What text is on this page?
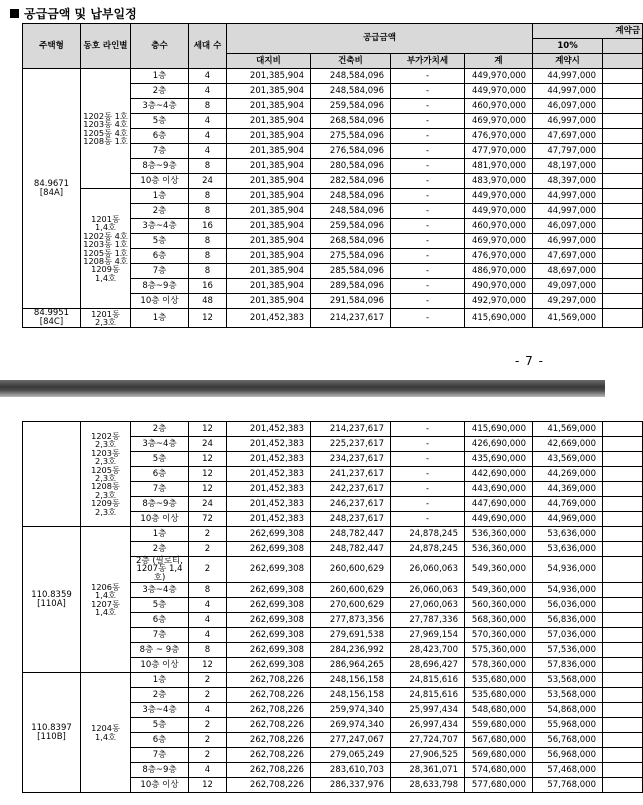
공급금액 및 납부일정
주택형	동호 라인별	층수	세대 수	공급금액				계약금	
								10%	
				대지비	건축비	부가가치세	계	계약시	
84.9671 [84A]	1202동 1호 1203동 4호 1205동 4호 1208동 1호	1층	4	201,385,904	248,584,096	-	449,970,000	44,997,000	
		2층	4	201,385,904	248,584,096	-	449,970,000	44,997,000	
		3층~4층	8	201,385,904	259,584,096	-	460,970,000	46,097,000	
		5층	4	201,385,904	268,584,096	-	469,970,000	46,997,000	
		6층	4	201,385,904	275,584,096	-	476,970,000	47,697,000	
		7층	4	201,385,904	276,584,096	-	477,970,000	47,797,000	
		8층~9층	8	201,385,904	280,584,096	-	481,970,000	48,197,000	
		10층 이상	24	201,385,904	282,584,096	-	483,970,000	48,397,000	
	1201동 1,4호 1202동 4호 1203동 1호 1205동 1호 1208동 4호 1209동 1,4호	1층	8	201,385,904	248,584,096	-	449,970,000	44,997,000	
		2층	8	201,385,904	248,584,096	-	449,970,000	44,997,000	
		3층~4층	16	201,385,904	259,584,096	-	460,970,000	46,097,000	
		5층	8	201,385,904	268,584,096	-	469,970,000	46,997,000	
		6층	8	201,385,904	275,584,096	-	476,970,000	47,697,000	
		7층	8	201,385,904	285,584,096	-	486,970,000	48,697,000	
		8층~9층	16	201,385,904	289,584,096	-	490,970,000	49,097,000	
		10층 이상	48	201,385,904	291,584,096	-	492,970,000	49,297,000	
84.9951 [84C]	1201동 2,3호	1층	12	201,452,383	214,237,617	-	415,690,000	41,569,000	
- 7 -
	1202동 2,3호 1203동 2,3호 1205동 2,3호 1208동 2,3호 1209동 2,3호	2층	12	201,452,383	214,237,617	-	415,690,000	41,569,000	
		3층~4층	24	201,452,383	225,237,617	-	426,690,000	42,669,000	
		5층	12	201,452,383	234,237,617	-	435,690,000	43,569,000	
		6층	12	201,452,383	241,237,617	-	442,690,000	44,269,000	
		7층	12	201,452,383	242,237,617	-	443,690,000	44,369,000	
		8층~9층	24	201,452,383	246,237,617	-	447,690,000	44,769,000	
		10층 이상	72	201,452,383	248,237,617	-	449,690,000	44,969,000	
110.8359 [110A]	1206동 1,4호 1207동 1,4호	1층	2	262,699,308	248,782,447	24,878,245	536,360,000	53,636,000	
		2층	2	262,699,308	248,782,447	24,878,245	536,360,000	53,636,000	
		2층 (필로티, 1207동 1,4호)	2	262,699,308	260,600,629	26,060,063	549,360,000	54,936,000	
		3층~4층	8	262,699,308	260,600,629	26,060,063	549,360,000	54,936,000	
		5층	4	262,699,308	270,600,629	27,060,063	560,360,000	56,036,000	
		6층	4	262,699,308	277,873,356	27,787,336	568,360,000	56,836,000	
		7층	4	262,699,308	279,691,538	27,969,154	570,360,000	57,036,000	
		8층 ~ 9층	8	262,699,308	284,236,992	28,423,700	575,360,000	57,536,000	
		10층 이상	12	262,699,308	286,964,265	28,696,427	578,360,000	57,836,000	
110.8397 [110B]	1204동 1,4호	1층	2	262,708,226	248,156,158	24,815,616	535,680,000	53,568,000	
		2층	2	262,708,226	248,156,158	24,815,616	535,680,000	53,568,000	
		3층~4층	4	262,708,226	259,974,340	25,997,434	548,680,000	54,868,000	
		5층	2	262,708,226	269,974,340	26,997,434	559,680,000	55,968,000	
		6층	2	262,708,226	277,247,067	27,724,707	567,680,000	56,768,000	
		7층	2	262,708,226	279,065,249	27,906,525	569,680,000	56,968,000	
		8층~9층	4	262,708,226	283,610,703	28,361,071	574,680,000	57,468,000	
		10층 이상	12	262,708,226	286,337,976	28,633,798	577,680,000	57,768,000	
